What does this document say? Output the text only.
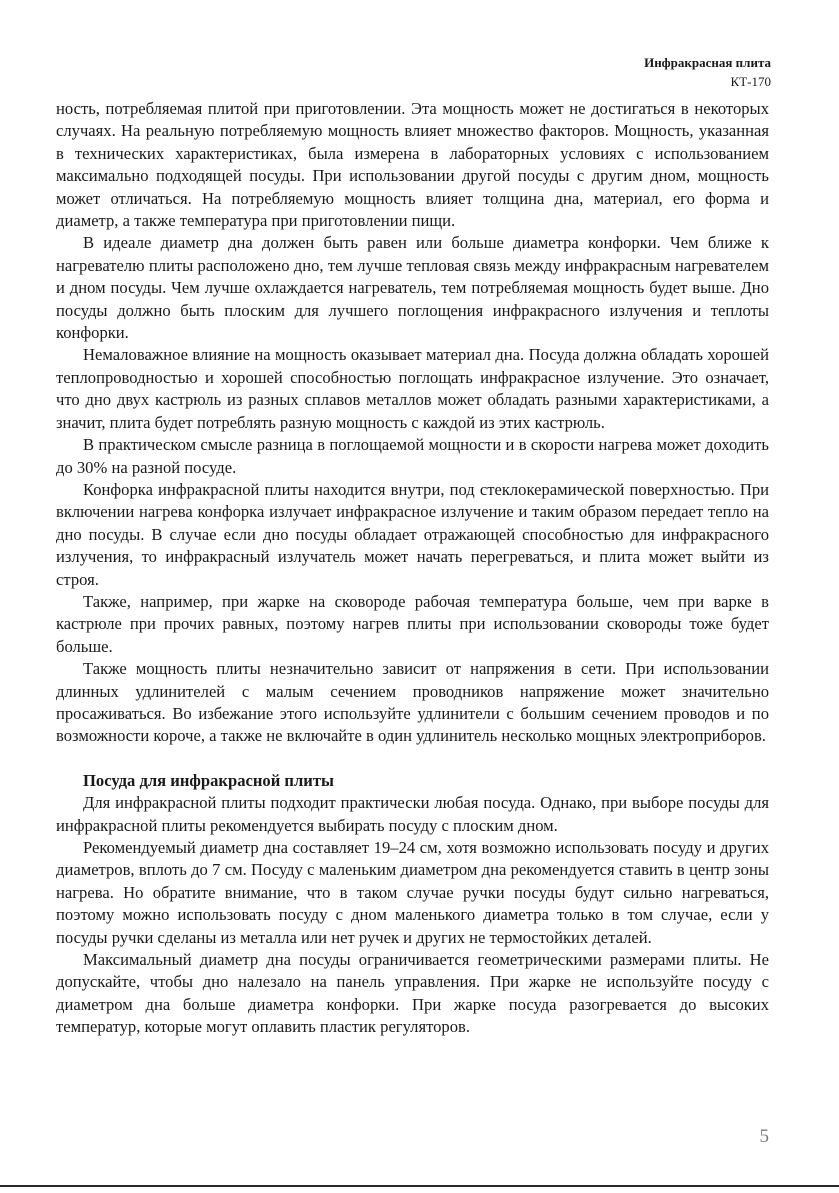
Инфракрасная плита
КТ-170

ность, потребляемая плитой при приготовлении. Эта мощность может не достигаться в некоторых случаях. На реальную потребляемую мощность влияет множество факторов. Мощность, указанная в технических характеристиках, была измерена в лабораторных условиях с использованием максимально подходящей посуды. При использовании другой посуды с другим дном, мощность может отличаться. На потребляемую мощность влияет толщина дна, материал, его форма и диаметр, а также температура при приготовлении пищи.

В идеале диаметр дна должен быть равен или больше диаметра конфорки. Чем ближе к нагревателю плиты расположено дно, тем лучше тепловая связь между инфракрасным нагревателем и дном посуды. Чем лучше охлаждается нагреватель, тем потребляемая мощность будет выше. Дно посуды должно быть плоским для лучшего поглощения инфракрасного излучения и теплоты конфорки.

Немаловажное влияние на мощность оказывает материал дна. Посуда должна обладать хорошей теплопроводностью и хорошей способностью поглощать инфракрасное излучение. Это означает, что дно двух кастрюль из разных сплавов металлов может обладать разными характеристиками, а значит, плита будет потреблять разную мощность с каждой из этих кастрюль.

В практическом смысле разница в поглощаемой мощности и в скорости нагрева может доходить до 30% на разной посуде.

Конфорка инфракрасной плиты находится внутри, под стеклокерамической поверхностью. При включении нагрева конфорка излучает инфракрасное излучение и таким образом передает тепло на дно посуды. В случае если дно посуды обладает отражающей способностью для инфракрасного излучения, то инфракрасный излучатель может начать перегреваться, и плита может выйти из строя.

Также, например, при жарке на сковороде рабочая температура больше, чем при варке в кастрюле при прочих равных, поэтому нагрев плиты при использовании сковороды тоже будет больше.

Также мощность плиты незначительно зависит от напряжения в сети. При использовании длинных удлинителей с малым сечением проводников напряжение может значительно просаживаться. Во избежание этого используйте удлинители с большим сечением проводов и по возможности короче, а также не включайте в один удлинитель несколько мощных электроприборов.

Посуда для инфракрасной плиты

Для инфракрасной плиты подходит практически любая посуда. Однако, при выборе посуды для инфракрасной плиты рекомендуется выбирать посуду с плоским дном.

Рекомендуемый диаметр дна составляет 19–24 см, хотя возможно использовать посуду и других диаметров, вплоть до 7 см. Посуду с маленьким диаметром дна рекомендуется ставить в центр зоны нагрева. Но обратите внимание, что в таком случае ручки посуды будут сильно нагреваться, поэтому можно использовать посуду с дном маленького диаметра только в том случае, если у посуды ручки сделаны из металла или нет ручек и других не термостойких деталей.

Максимальный диаметр дна посуды ограничивается геометрическими размерами плиты. Не допускайте, чтобы дно налезало на панель управления. При жарке не используйте посуду с диаметром дна больше диаметра конфорки. При жарке посуда разогревается до высоких температур, которые могут оплавить пластик регуляторов.

5
